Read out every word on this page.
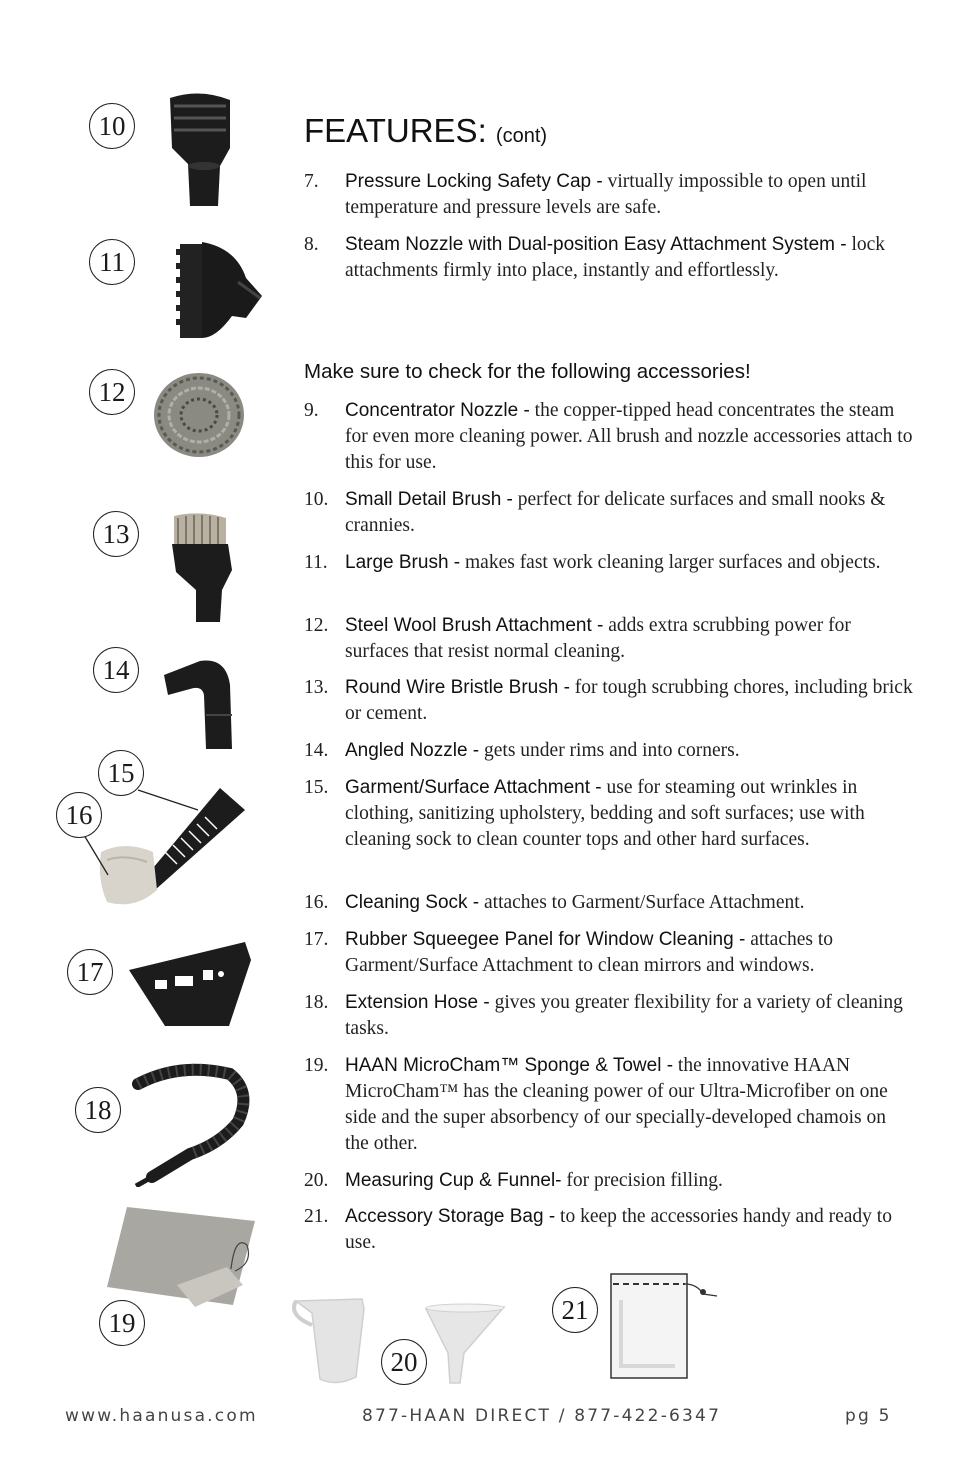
FEATURES: (cont)
7.	Pressure Locking Safety Cap - virtually impossible to open until temperature and pressure levels are safe.
8.	Steam Nozzle with Dual-position Easy Attachment System - lock attachments firmly into place, instantly and effortlessly.
Make sure to check for the following accessories!
9.	Concentrator Nozzle - the copper-tipped head concentrates the steam for even more cleaning power. All brush and nozzle accessories attach to this for use.
10. Small Detail Brush - perfect for delicate surfaces and small nooks & crannies.
11. Large Brush - makes fast work cleaning larger surfaces and objects.
12. Steel Wool Brush Attachment - adds extra scrubbing power for surfaces that resist normal cleaning.
13. Round Wire Bristle Brush - for tough scrubbing chores, including brick or cement.
14. Angled Nozzle - gets under rims and into corners.
15. Garment/Surface Attachment - use for steaming out wrinkles in clothing, sanitizing upholstery, bedding and soft surfaces; use with cleaning sock to clean counter tops and other hard surfaces.
16. Cleaning Sock - attaches to Garment/Surface Attachment.
17. Rubber Squeegee Panel for Window Cleaning - attaches to Garment/Surface Attachment to clean mirrors and windows.
18. Extension Hose - gives you greater flexibility for a variety of cleaning tasks.
19. HAAN MicroCham™ Sponge & Towel - the innovative HAAN MicroCham™ has the cleaning power of our Ultra-Microfiber on one side and the super absorbency of our specially-developed chamois on the other.
20. Measuring Cup & Funnel- for precision filling.
21. Accessory Storage Bag - to keep the accessories handy and ready to use.
10
11
12
13
14
15
16
17
18
19
20
21
www.haanusa.com	877-HAAN DIRECT / 877-422-6347	pg 5
